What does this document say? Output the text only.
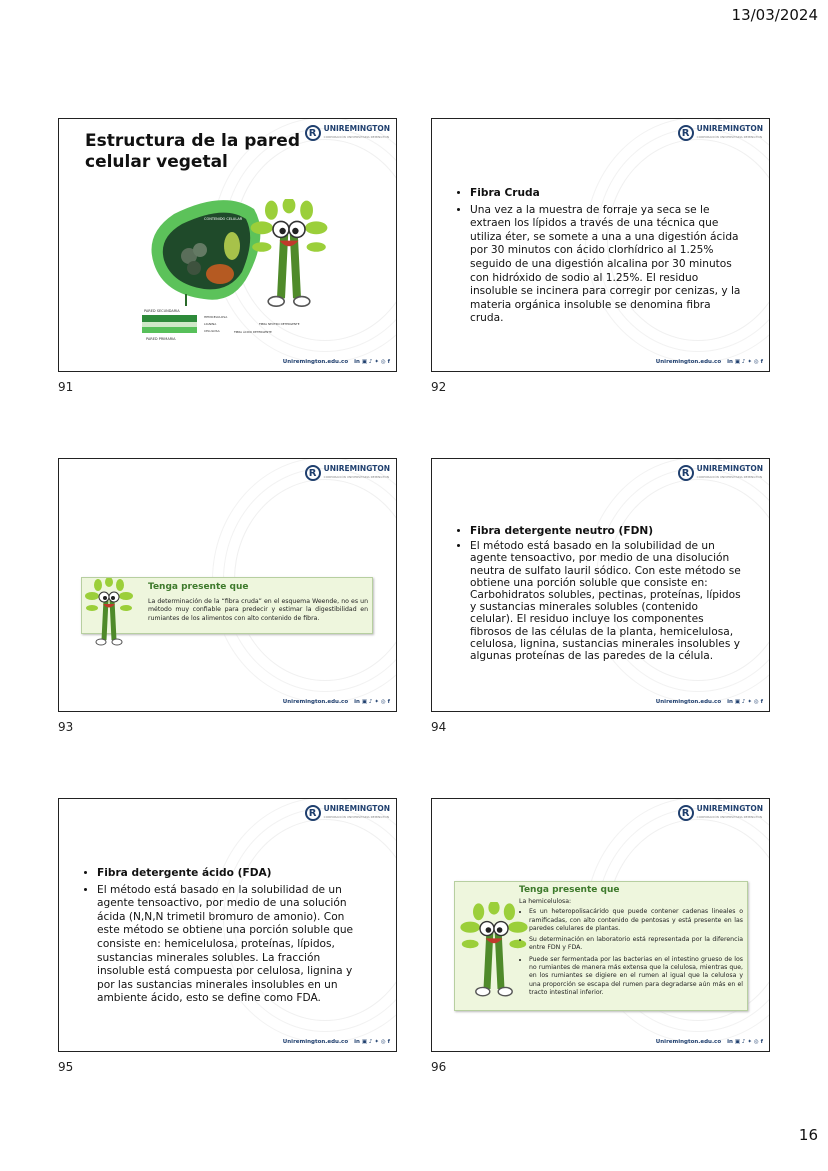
13/03/2024
R UNIREMINGTON
CORPORACIÓN UNIVERSITARIA REMINGTON
Estructura de la pared celular vegetal
CONTENIDO CELULAR
PARED SECUNDARIA
PARED PRIMARIA
HEMICELULOSA
LIGNINA
CELULOSA
FIBRA NEUTRO DETERGENTE
FIBRA ÁCIDO DETERGENTE
Uniremington.edu.co in ▣ ♪ ✦ ◎ f
91
R UNIREMINGTON
CORPORACIÓN UNIVERSITARIA REMINGTON
• Fibra Cruda
• Una vez a la muestra de forraje ya seca se le extraen los lípidos a través de una técnica que utiliza éter, se somete a una a una digestión ácida por 30 minutos con ácido clorhídrico al 1.25% seguido de una digestión alcalina por 30 minutos con hidróxido de sodio al 1.25%. El residuo insoluble se incinera para corregir por cenizas, y la materia orgánica insoluble se denomina fibra cruda.
Uniremington.edu.co in ▣ ♪ ✦ ◎ f
92
R UNIREMINGTON
CORPORACIÓN UNIVERSITARIA REMINGTON
Tenga presente que
La determinación de la “fibra cruda” en el esquema Weende, no es un método muy confiable para predecir y estimar la digestibilidad en rumiantes de los alimentos con alto contenido de fibra.
Uniremington.edu.co in ▣ ♪ ✦ ◎ f
93
R UNIREMINGTON
CORPORACIÓN UNIVERSITARIA REMINGTON
• Fibra detergente neutro (FDN)
• El método está basado en la solubilidad de un agente tensoactivo, por medio de una disolución neutra de sulfato lauril sódico. Con este método se obtiene una porción soluble que consiste en: Carbohidratos solubles, pectinas, proteínas, lípidos y sustancias minerales solubles (contenido celular). El residuo incluye los componentes fibrosos de las células de la planta, hemicelulosa, celulosa, lignina, sustancias minerales insolubles y algunas proteínas de las paredes de la célula.
Uniremington.edu.co in ▣ ♪ ✦ ◎ f
94
R UNIREMINGTON
CORPORACIÓN UNIVERSITARIA REMINGTON
• Fibra detergente ácido (FDA)
• El método está basado en la solubilidad de un agente tensoactivo, por medio de una solución ácida (N,N,N trimetil bromuro de amonio). Con este método se obtiene una porción soluble que consiste en: hemicelulosa, proteínas, lípidos, sustancias minerales solubles. La fracción insoluble está compuesta por celulosa, lignina y por las sustancias minerales insolubles en un ambiente ácido, esto se define como FDA.
Uniremington.edu.co in ▣ ♪ ✦ ◎ f
95
R UNIREMINGTON
CORPORACIÓN UNIVERSITARIA REMINGTON
Tenga presente que
La hemicelulosa:
• Es un heteropolisacárido que puede contener cadenas lineales o ramificadas, con alto contenido de pentosas y está presente en las paredes celulares de plantas.
• Su determinación en laboratorio está representada por la diferencia entre FDN y FDA.
• Puede ser fermentada por las bacterias en el intestino grueso de los no rumiantes de manera más extensa que la celulosa, mientras que, en los rumiantes se digiere en el rumen al igual que la celulosa y una proporción se escapa del rumen para degradarse aún más en el tracto intestinal inferior.
Uniremington.edu.co in ▣ ♪ ✦ ◎ f
96
16
